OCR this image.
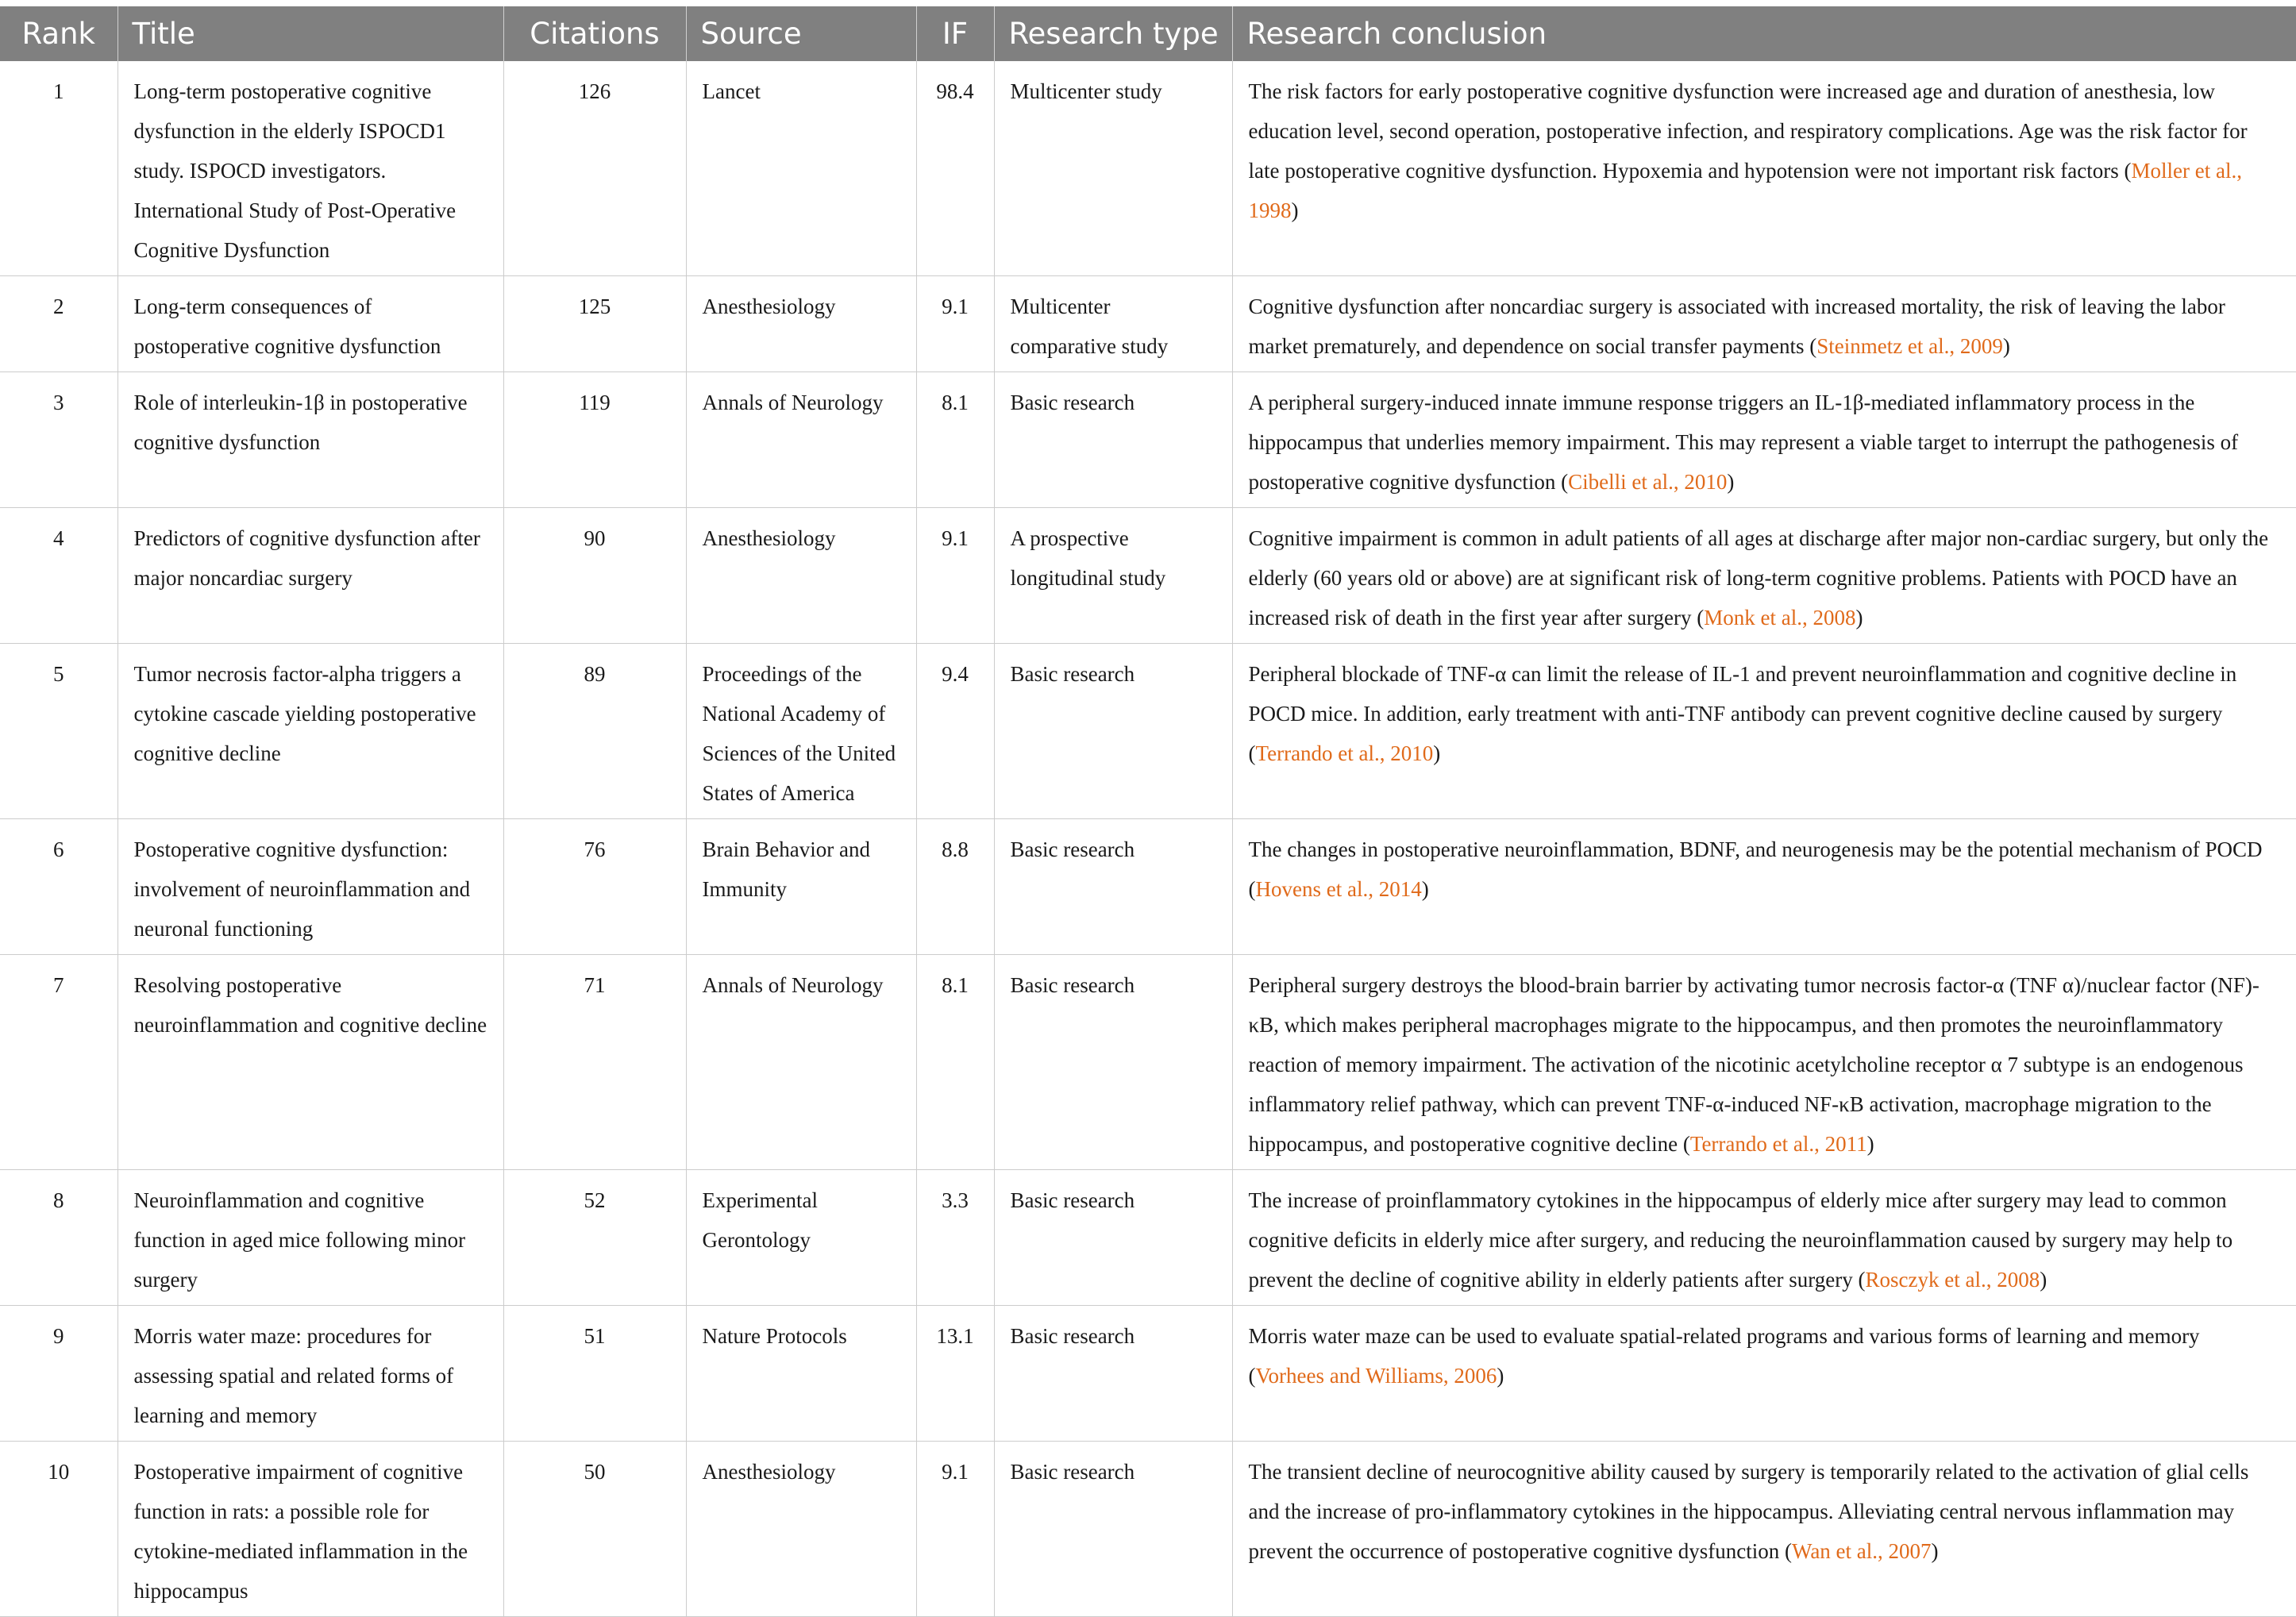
Rank	Title	Citations	Source	IF	Research type	Research conclusion
1	Long-term postoperative cognitive dysfunction in the elderly ISPOCD1 study. ISPOCD investigators. International Study of Post-Operative Cognitive Dysfunction	126	Lancet	98.4	Multicenter study	The risk factors for early postoperative cognitive dysfunction were increased age and duration of anesthesia, low education level, second operation, postoperative infection, and respiratory complications. Age was the risk factor for late postoperative cognitive dysfunction. Hypoxemia and hypotension were not important risk factors (Moller et al., 1998)
2	Long-term consequences of postoperative cognitive dysfunction	125	Anesthesiology	9.1	Multicenter comparative study	Cognitive dysfunction after noncardiac surgery is associated with increased mortality, the risk of leaving the labor market prematurely, and dependence on social transfer payments (Steinmetz et al., 2009)
3	Role of interleukin-1β in postoperative cognitive dysfunction	119	Annals of Neurology	8.1	Basic research	A peripheral surgery-induced innate immune response triggers an IL-1β-mediated inflammatory process in the hippocampus that underlies memory impairment. This may represent a viable target to interrupt the pathogenesis of postoperative cognitive dysfunction (Cibelli et al., 2010)
4	Predictors of cognitive dysfunction after major noncardiac surgery	90	Anesthesiology	9.1	A prospective longitudinal study	Cognitive impairment is common in adult patients of all ages at discharge after major non-cardiac surgery, but only the elderly (60 years old or above) are at significant risk of long-term cognitive problems. Patients with POCD have an increased risk of death in the first year after surgery (Monk et al., 2008)
5	Tumor necrosis factor-alpha triggers a cytokine cascade yielding postoperative cognitive decline	89	Proceedings of the National Academy of Sciences of the United States of America	9.4	Basic research	Peripheral blockade of TNF-α can limit the release of IL-1 and prevent neuroinflammation and cognitive decline in POCD mice. In addition, early treatment with anti-TNF antibody can prevent cognitive decline caused by surgery (Terrando et al., 2010)
6	Postoperative cognitive dysfunction: involvement of neuroinflammation and neuronal functioning	76	Brain Behavior and Immunity	8.8	Basic research	The changes in postoperative neuroinflammation, BDNF, and neurogenesis may be the potential mechanism of POCD (Hovens et al., 2014)
7	Resolving postoperative neuroinflammation and cognitive decline	71	Annals of Neurology	8.1	Basic research	Peripheral surgery destroys the blood-brain barrier by activating tumor necrosis factor-α (TNF α)/nuclear factor (NF)-κB, which makes peripheral macrophages migrate to the hippocampus, and then promotes the neuroinflammatory reaction of memory impairment. The activation of the nicotinic acetylcholine receptor α 7 subtype is an endogenous inflammatory relief pathway, which can prevent TNF-α-induced NF-κB activation, macrophage migration to the hippocampus, and postoperative cognitive decline (Terrando et al., 2011)
8	Neuroinflammation and cognitive function in aged mice following minor surgery	52	Experimental Gerontology	3.3	Basic research	The increase of proinflammatory cytokines in the hippocampus of elderly mice after surgery may lead to common cognitive deficits in elderly mice after surgery, and reducing the neuroinflammation caused by surgery may help to prevent the decline of cognitive ability in elderly patients after surgery (Rosczyk et al., 2008)
9	Morris water maze: procedures for assessing spatial and related forms of learning and memory	51	Nature Protocols	13.1	Basic research	Morris water maze can be used to evaluate spatial-related programs and various forms of learning and memory (Vorhees and Williams, 2006)
10	Postoperative impairment of cognitive function in rats: a possible role for cytokine-mediated inflammation in the hippocampus	50	Anesthesiology	9.1	Basic research	The transient decline of neurocognitive ability caused by surgery is temporarily related to the activation of glial cells and the increase of pro-inflammatory cytokines in the hippocampus. Alleviating central nervous inflammation may prevent the occurrence of postoperative cognitive dysfunction (Wan et al., 2007)
